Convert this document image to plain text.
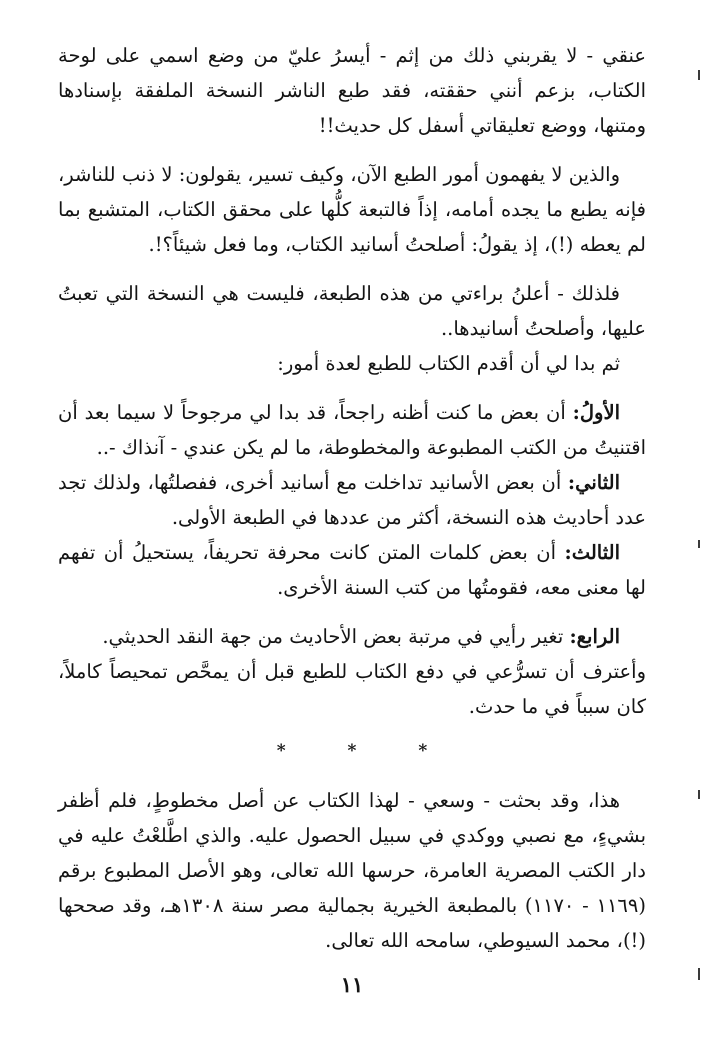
عنقي - لا يقربني ذلك من إثم - أيسرُ عليّ من وضع اسمي على لوحة الكتاب، بزعم أنني حققته، فقد طبع الناشر النسخة الملفقة بإسنادها ومتنها، ووضع تعليقاتي أسفل كل حديث!!

والذين لا يفهمون أمور الطبع الآن، وكيف تسير، يقولون: لا ذنب للناشر، فإنه يطبع ما يجده أمامه، إذاً فالتبعة كلُّها على محقق الكتاب، المتشبع بما لم يعطه (!)، إذ يقولُ: أصلحتُ أسانيد الكتاب، وما فعل شيئاً؟!.

فلذلك - أعلنُ براءتي من هذه الطبعة، فليست هي النسخة التي تعبتُ عليها، وأصلحتُ أسانيدها..

ثم بدا لي أن أقدم الكتاب للطبع لعدة أمور:

الأولُ: أن بعض ما كنت أظنه راجحاً، قد بدا لي مرجوحاً لا سيما بعد أن اقتنيتُ من الكتب المطبوعة والمخطوطة، ما لم يكن عندي - آنذاك -..

الثاني: أن بعض الأسانيد تداخلت مع أسانيد أخرى، ففصلتُها، ولذلك تجد عدد أحاديث هذه النسخة، أكثر من عددها في الطبعة الأولى.

الثالث: أن بعض كلمات المتن كانت محرفة تحريفاً، يستحيلُ أن تفهم لها معنى معه، فقومتُها من كتب السنة الأخرى.

الرابع: تغير رأيي في مرتبة بعض الأحاديث من جهة النقد الحديثي.

وأعترف أن تسرُّعي في دفع الكتاب للطبع قبل أن يمحَّص تمحيصاً كاملاً، كان سبباً في ما حدث.

* * *

هذا، وقد بحثت - وسعي - لهذا الكتاب عن أصل مخطوطٍ، فلم أظفر بشيءٍ، مع نصبي ووكدي في سبيل الحصول عليه. والذي اطَّلعْتُ عليه في دار الكتب المصرية العامرة، حرسها الله تعالى، وهو الأصل المطبوع برقم (١١٦٩ - ١١٧٠) بالمطبعة الخيرية بجمالية مصر سنة ١٣٠٨هـ، وقد صححها (!)، محمد السيوطي، سامحه الله تعالى.

١١
